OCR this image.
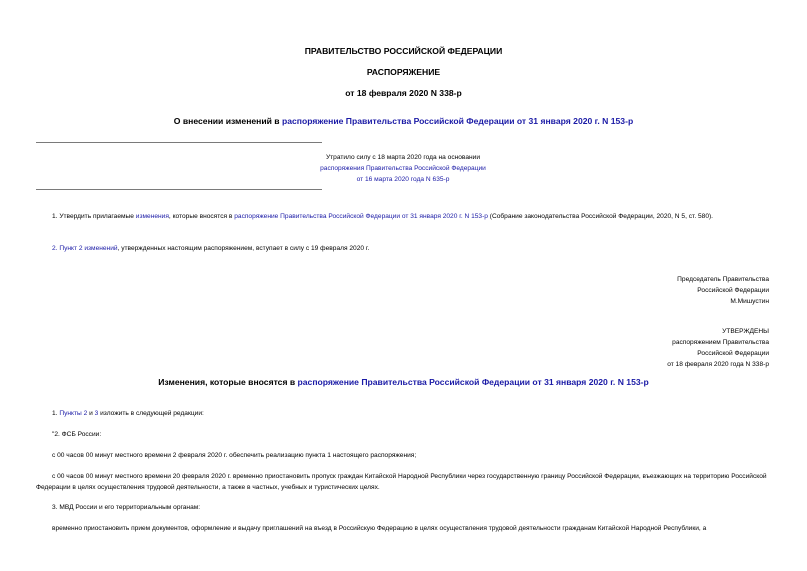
ПРАВИТЕЛЬСТВО РОССИЙСКОЙ ФЕДЕРАЦИИ
РАСПОРЯЖЕНИЕ
от 18 февраля 2020 N 338-р
О внесении изменений в распоряжение Правительства Российской Федерации от 31 января 2020 г. N 153-р
Утратило силу с 18 марта 2020 года на основании
распоряжения Правительства Российской Федерации
от 16 марта 2020 года N 635-р
1. Утвердить прилагаемые изменения, которые вносятся в распоряжение Правительства Российской Федерации от 31 января 2020 г. N 153-р (Собрание законодательства Российской Федерации, 2020, N 5, ст. 580).
2. Пункт 2 изменений, утвержденных настоящим распоряжением, вступает в силу с 19 февраля 2020 г.
Председатель Правительства
Российской Федерации
М.Мишустин
УТВЕРЖДЕНЫ
распоряжением Правительства
Российской Федерации
от 18 февраля 2020 года N 338-р
Изменения, которые вносятся в распоряжение Правительства Российской Федерации от 31 января 2020 г. N 153-р
1. Пункты 2 и 3 изложить в следующей редакции:
"2. ФСБ России:
с 00 часов 00 минут местного времени 2 февраля 2020 г. обеспечить реализацию пункта 1 настоящего распоряжения;
с 00 часов 00 минут местного времени 20 февраля 2020 г. временно приостановить пропуск граждан Китайской Народной Республики через государственную границу Российской Федерации, въезжающих на территорию Российской Федерации в целях осуществления трудовой деятельности, а также в частных, учебных и туристических целях.
3. МВД России и его территориальным органам:
временно приостановить прием документов, оформление и выдачу приглашений на въезд в Российскую Федерацию в целях осуществления трудовой деятельности гражданам Китайской Народной Республики, а
